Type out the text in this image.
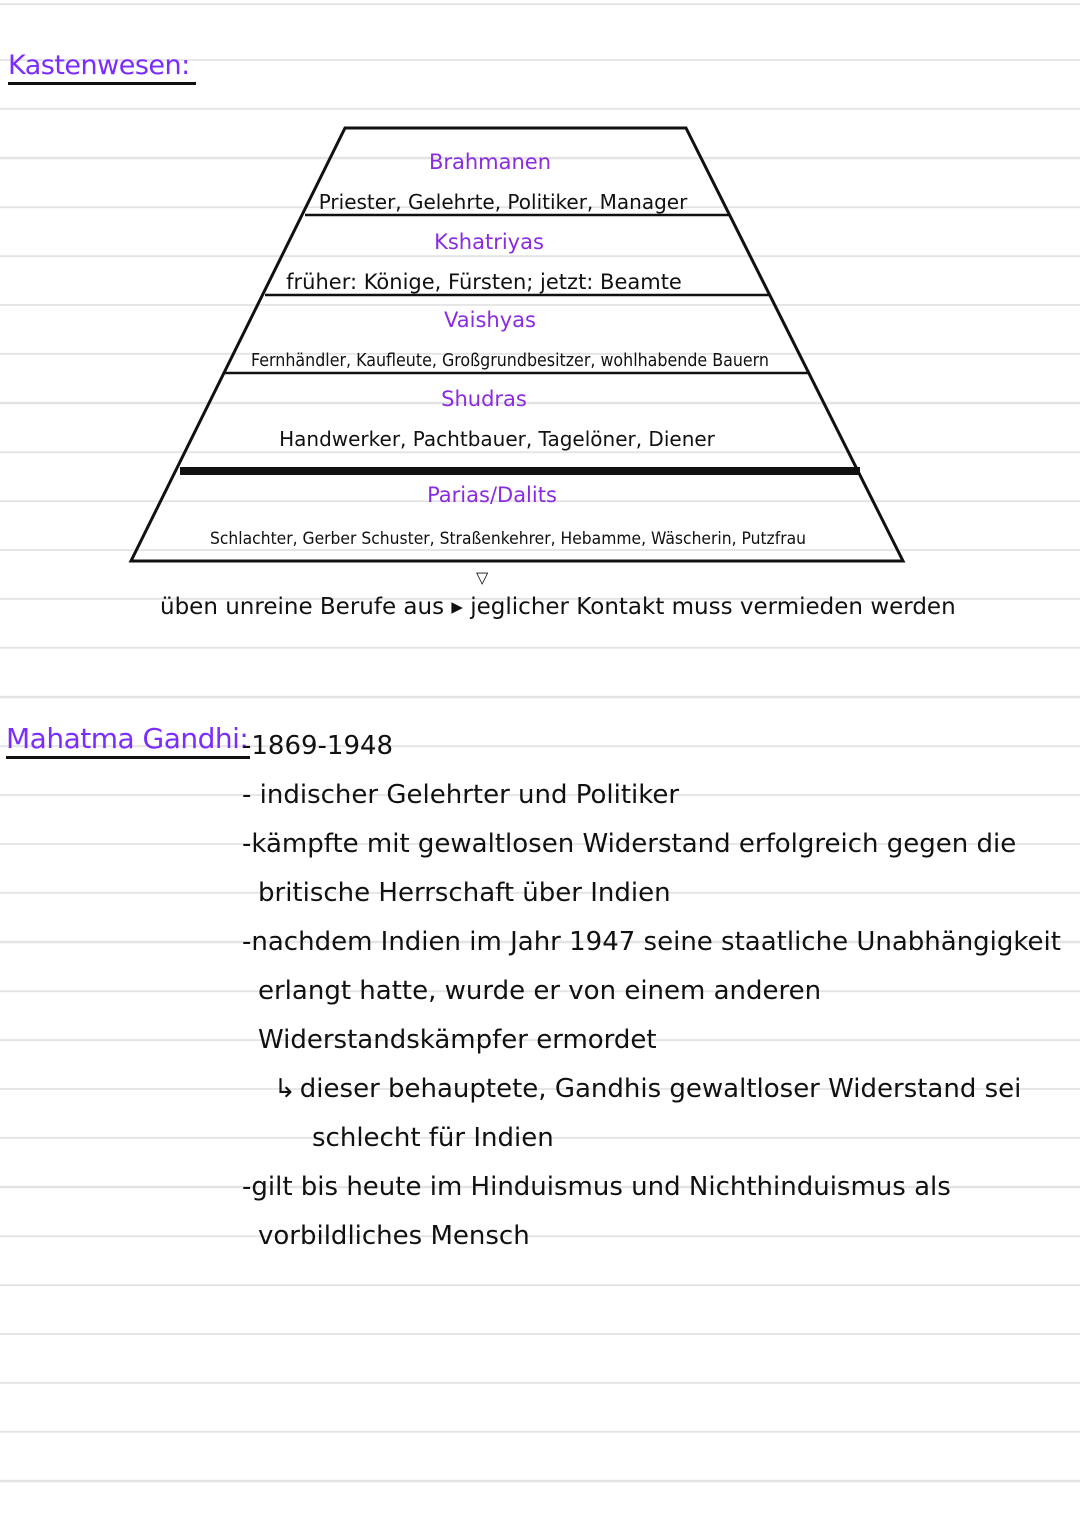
Kastenwesen:
Brahmanen
Priester, Gelehrte, Politiker, Manager
Kshatriyas
früher: Könige, Fürsten; jetzt: Beamte
Vaishyas
Fernhändler, Kaufleute, Großgrundbesitzer, wohlhabende Bauern
Shudras
Handwerker, Pachtbauer, Tagelöner, Diener
Parias/Dalits
Schlachter, Gerber Schuster, Straßenkehrer, Hebamme, Wäscherin, Putzfrau

▽
üben unreine Berufe aus ▸ jeglicher Kontakt muss vermieden werden

Mahatma Gandhi:
-1869-1948
- indischer Gelehrter und Politiker
-kämpfte mit gewaltlosen Widerstand erfolgreich gegen die britische Herrschaft über Indien
-nachdem Indien im Jahr 1947 seine staatliche Unabhängigkeit erlangt hatte, wurde er von einem anderen Widerstandskämpfer ermordet
↳ dieser behauptete, Gandhis gewaltloser Widerstand sei
schlecht für Indien
-gilt bis heute im Hinduismus und Nichthinduismus als vorbildliches Mensch
